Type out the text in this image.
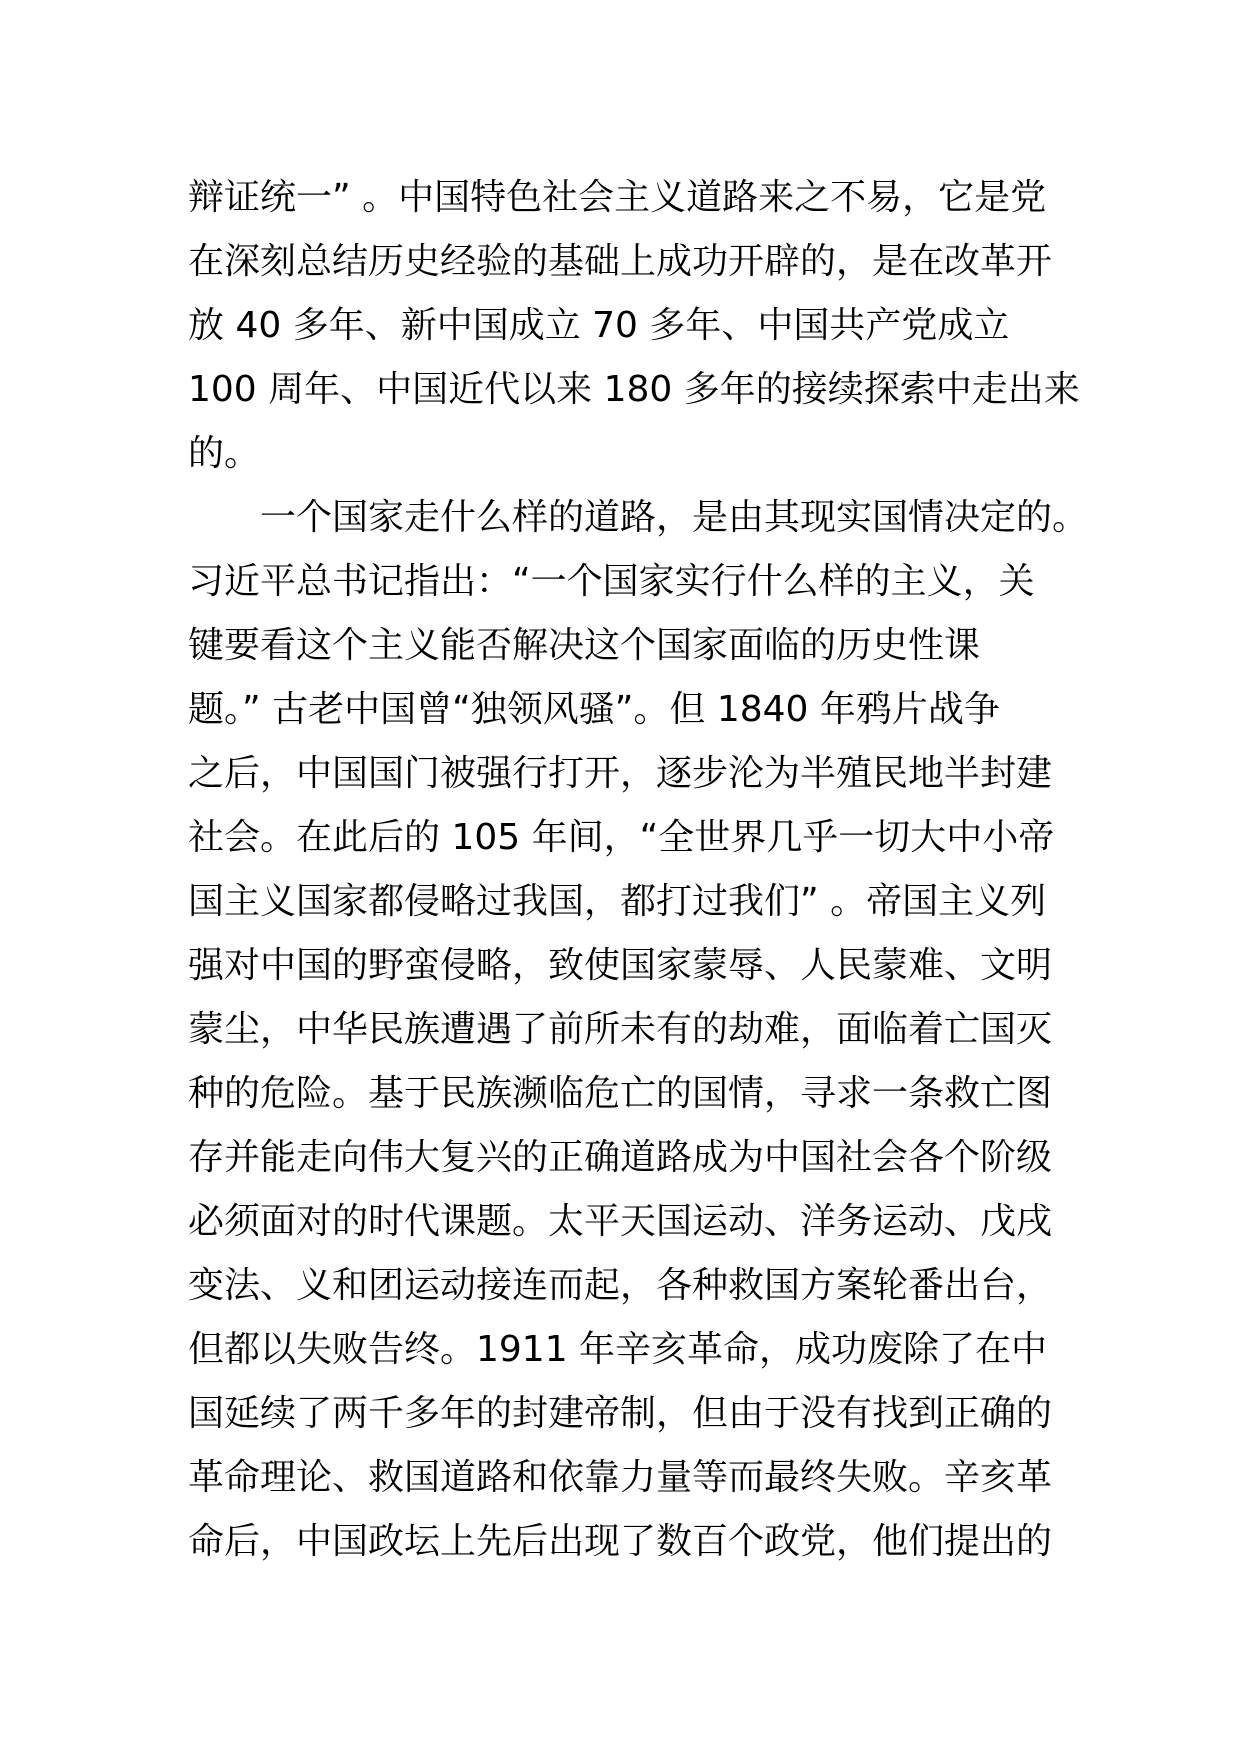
辩证统一” 。中国特色社会主义道路来之不易，它是党
在深刻总结历史经验的基础上成功开辟的，是在改革开
放 40 多年、新中国成立 70 多年、中国共产党成立
100 周年、中国近代以来 180 多年的接续探索中走出来
的。
一个国家走什么样的道路，是由其现实国情决定的。
习近平总书记指出：“一个国家实行什么样的主义，关
键要看这个主义能否解决这个国家面临的历史性课
题。” 古老中国曾“独领风骚”。但 1840 年鸦片战争
之后，中国国门被强行打开，逐步沦为半殖民地半封建
社会。在此后的 105 年间，“全世界几乎一切大中小帝
国主义国家都侵略过我国，都打过我们” 。帝国主义列
强对中国的野蛮侵略，致使国家蒙辱、人民蒙难、文明
蒙尘，中华民族遭遇了前所未有的劫难，面临着亡国灭
种的危险。基于民族濒临危亡的国情，寻求一条救亡图
存并能走向伟大复兴的正确道路成为中国社会各个阶级
必须面对的时代课题。太平天国运动、洋务运动、戊戌
变法、义和团运动接连而起，各种救国方案轮番出台，
但都以失败告终。1911 年辛亥革命，成功废除了在中
国延续了两千多年的封建帝制，但由于没有找到正确的
革命理论、救国道路和依靠力量等而最终失败。辛亥革
命后，中国政坛上先后出现了数百个政党，他们提出的
